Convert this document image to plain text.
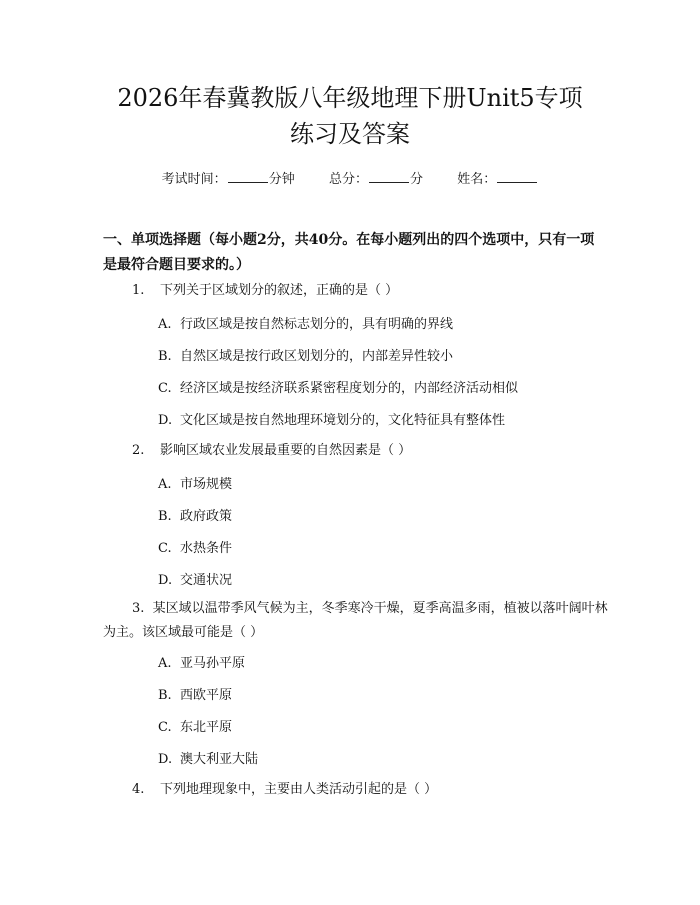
2026年春冀教版八年级地理下册Unit5专项
练习及答案
考试时间：	分钟	总分：	分	姓名：
一、单项选择题（每小题2分，共40分。在每小题列出的四个选项中，只有一项是最符合题目要求的。）
1. 下列关于区域划分的叙述，正确的是（ ）
A. 行政区域是按自然标志划分的，具有明确的界线
B. 自然区域是按行政区划划分的，内部差异性较小
C. 经济区域是按经济联系紧密程度划分的，内部经济活动相似
D. 文化区域是按自然地理环境划分的，文化特征具有整体性
2. 影响区域农业发展最重要的自然因素是（ ）
A. 市场规模
B. 政府政策
C. 水热条件
D. 交通状况
3. 某区域以温带季风气候为主，冬季寒冷干燥，夏季高温多雨，植被以落叶阔叶林为主。该区域最可能是（ ）
A. 亚马孙平原
B. 西欧平原
C. 东北平原
D. 澳大利亚大陆
4. 下列地理现象中，主要由人类活动引起的是（ ）
